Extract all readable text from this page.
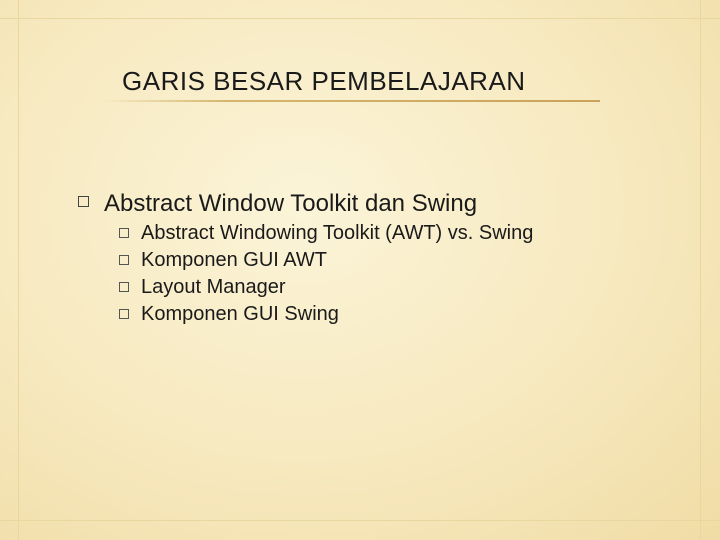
GARIS BESAR PEMBELAJARAN
Abstract Window Toolkit dan Swing
Abstract Windowing Toolkit (AWT) vs. Swing
Komponen GUI AWT
Layout Manager
Komponen GUI Swing
